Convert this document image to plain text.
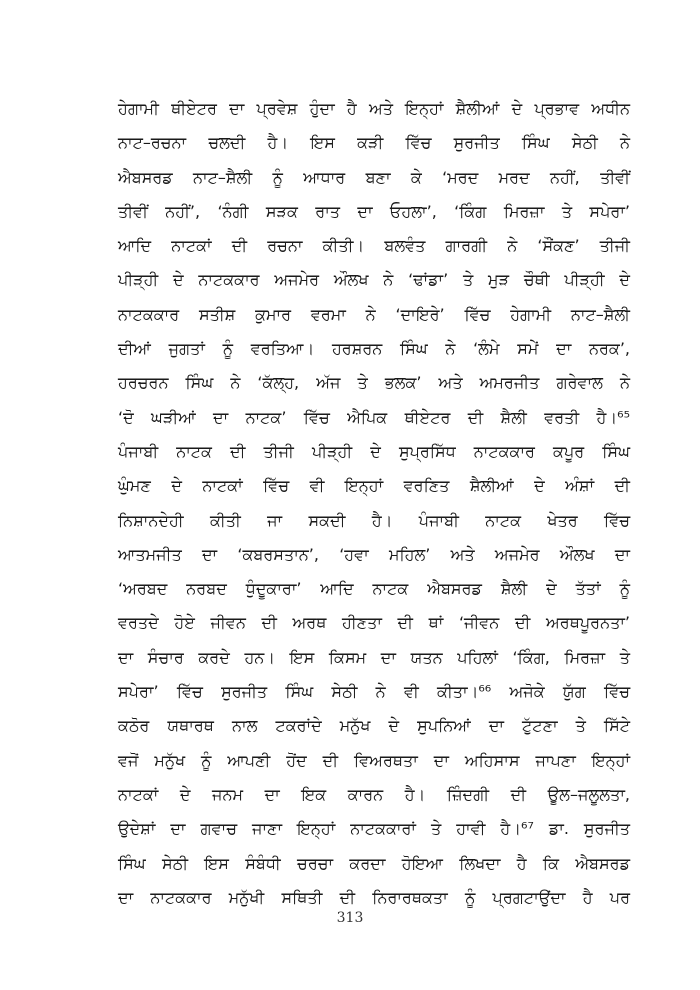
ਹੇਗਾਮੀ ਥੀਏਟਰ ਦਾ ਪ੍ਰਵੇਸ਼ ਹੁੰਦਾ ਹੈ ਅਤੇ ਇਨ੍ਹਾਂ ਸ਼ੈਲੀਆਂ ਦੇ ਪ੍ਰਭਾਵ ਅਧੀਨ
ਨਾਟ–ਰਚਨਾ ਚਲਦੀ ਹੈ। ਇਸ ਕੜੀ ਵਿੱਚ ਸੁਰਜੀਤ ਸਿੰਘ ਸੇਠੀ ਨੇ
ਐਬਸਰਡ ਨਾਟ–ਸ਼ੈਲੀ ਨੂੰ ਆਧਾਰ ਬਣਾ ਕੇ ‘ਮਰਦ ਮਰਦ ਨਹੀਂ, ਤੀਵੀਂ
ਤੀਵੀਂ ਨਹੀਂ’, ‘ਨੰਗੀ ਸੜਕ ਰਾਤ ਦਾ ਓਹਲਾ’, ‘ਕਿੰਗ ਮਿਰਜ਼ਾ ਤੇ ਸਪੇਰਾ’
ਆਦਿ ਨਾਟਕਾਂ ਦੀ ਰਚਨਾ ਕੀਤੀ। ਬਲਵੰਤ ਗਾਰਗੀ ਨੇ ‘ਸੌਂਕਣ’ ਤੀਜੀ
ਪੀੜ੍ਹੀ ਦੇ ਨਾਟਕਕਾਰ ਅਜਮੇਰ ਔਲਖ ਨੇ ‘ਢਾਂਡਾ’ ਤੇ ਮੁੜ ਚੌਥੀ ਪੀੜ੍ਹੀ ਦੇ
ਨਾਟਕਕਾਰ ਸਤੀਸ਼ ਕੁਮਾਰ ਵਰਮਾ ਨੇ ‘ਦਾਇਰੇ’ ਵਿੱਚ ਹੇਗਾਮੀ ਨਾਟ–ਸ਼ੈਲੀ
ਦੀਆਂ ਜੁਗਤਾਂ ਨੂੰ ਵਰਤਿਆ। ਹਰਸ਼ਰਨ ਸਿੰਘ ਨੇ ‘ਲੰਮੇ ਸਮੇਂ ਦਾ ਨਰਕ’,
ਹਰਚਰਨ ਸਿੰਘ ਨੇ ‘ਕੱਲ੍ਹ, ਅੱਜ ਤੇ ਭਲਕ’ ਅਤੇ ਅਮਰਜੀਤ ਗਰੇਵਾਲ ਨੇ
‘ਦੋ ਘੜੀਆਂ ਦਾ ਨਾਟਕ’ ਵਿੱਚ ਐਪਿਕ ਥੀਏਟਰ ਦੀ ਸ਼ੈਲੀ ਵਰਤੀ ਹੈ।⁶⁵
ਪੰਜਾਬੀ ਨਾਟਕ ਦੀ ਤੀਜੀ ਪੀੜ੍ਹੀ ਦੇ ਸੁਪ੍ਰਸਿੱਧ ਨਾਟਕਕਾਰ ਕਪੂਰ ਸਿੰਘ
ਘੁੰਮਣ ਦੇ ਨਾਟਕਾਂ ਵਿੱਚ ਵੀ ਇਨ੍ਹਾਂ ਵਰਣਿਤ ਸ਼ੈਲੀਆਂ ਦੇ ਅੰਸ਼ਾਂ ਦੀ
ਨਿਸ਼ਾਨਦੇਹੀ ਕੀਤੀ ਜਾ ਸਕਦੀ ਹੈ। ਪੰਜਾਬੀ ਨਾਟਕ ਖੇਤਰ ਵਿੱਚ
ਆਤਮਜੀਤ ਦਾ ‘ਕਬਰਸਤਾਨ’, ‘ਹਵਾ ਮਹਿਲ’ ਅਤੇ ਅਜਮੇਰ ਔਲਖ ਦਾ
‘ਅਰਬਦ ਨਰਬਦ ਧੁੰਦੂਕਾਰਾ’ ਆਦਿ ਨਾਟਕ ਐਬਸਰਡ ਸ਼ੈਲੀ ਦੇ ਤੱਤਾਂ ਨੂੰ
ਵਰਤਦੇ ਹੋਏ ਜੀਵਨ ਦੀ ਅਰਥ ਹੀਣਤਾ ਦੀ ਥਾਂ ‘ਜੀਵਨ ਦੀ ਅਰਥਪੂਰਨਤਾ’
ਦਾ ਸੰਚਾਰ ਕਰਦੇ ਹਨ। ਇਸ ਕਿਸਮ ਦਾ ਯਤਨ ਪਹਿਲਾਂ ‘ਕਿੰਗ, ਮਿਰਜ਼ਾ ਤੇ
ਸਪੇਰਾ’ ਵਿੱਚ ਸੁਰਜੀਤ ਸਿੰਘ ਸੇਠੀ ਨੇ ਵੀ ਕੀਤਾ।⁶⁶ ਅਜੋਕੇ ਯੁੱਗ ਵਿੱਚ
ਕਠੋਰ ਯਥਾਰਥ ਨਾਲ ਟਕਰਾਂਦੇ ਮਨੁੱਖ ਦੇ ਸੁਪਨਿਆਂ ਦਾ ਟੁੱਟਣਾ ਤੇ ਸਿੱਟੇ
ਵਜੋਂ ਮਨੁੱਖ ਨੂੰ ਆਪਣੀ ਹੋਂਦ ਦੀ ਵਿਅਰਥਤਾ ਦਾ ਅਹਿਸਾਸ ਜਾਪਣਾ ਇਨ੍ਹਾਂ
ਨਾਟਕਾਂ ਦੇ ਜਨਮ ਦਾ ਇਕ ਕਾਰਨ ਹੈ। ਜ਼ਿੰਦਗੀ ਦੀ ਊਲ–ਜਲੂਲਤਾ,
ਉਦੇਸ਼ਾਂ ਦਾ ਗਵਾਚ ਜਾਣਾ ਇਨ੍ਹਾਂ ਨਾਟਕਕਾਰਾਂ ਤੇ ਹਾਵੀ ਹੈ।⁶⁷ ਡਾ. ਸੁਰਜੀਤ
ਸਿੰਘ ਸੇਠੀ ਇਸ ਸੰਬੰਧੀ ਚਰਚਾ ਕਰਦਾ ਹੋਇਆ ਲਿਖਦਾ ਹੈ ਕਿ ਐਬਸਰਡ
ਦਾ ਨਾਟਕਕਾਰ ਮਨੁੱਖੀ ਸਥਿਤੀ ਦੀ ਨਿਰਾਰਥਕਤਾ ਨੂੰ ਪ੍ਰਗਟਾਉਂਦਾ ਹੈ ਪਰ

313
